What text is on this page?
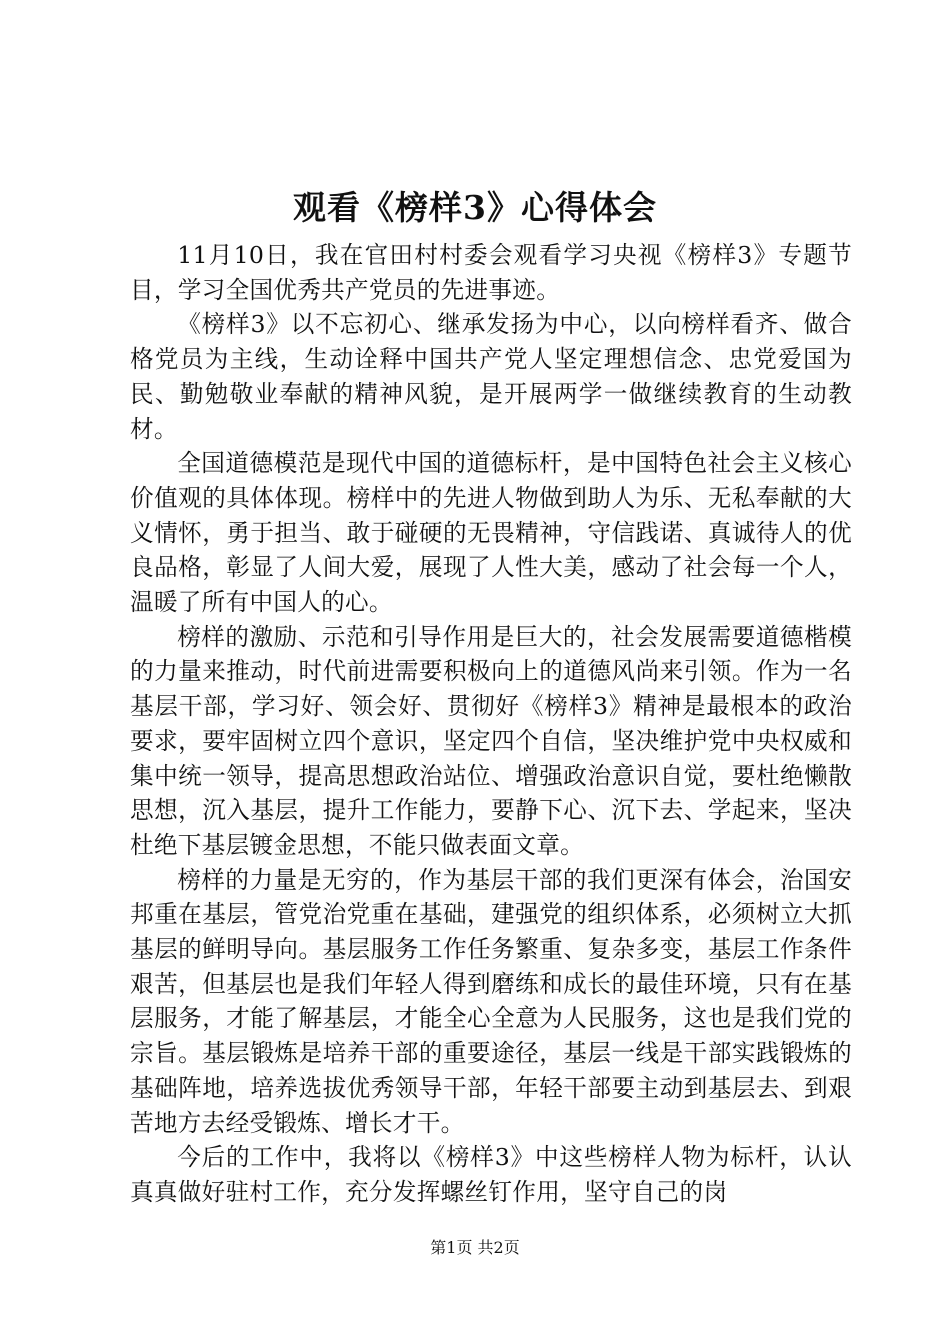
观看《榜样3》心得体会

11月10日，我在官田村村委会观看学习央视《榜样3》专题节目，学习全国优秀共产党员的先进事迹。

《榜样3》以不忘初心、继承发扬为中心，以向榜样看齐、做合格党员为主线，生动诠释中国共产党人坚定理想信念、忠党爱国为民、勤勉敬业奉献的精神风貌，是开展两学一做继续教育的生动教材。

全国道德模范是现代中国的道德标杆，是中国特色社会主义核心价值观的具体体现。榜样中的先进人物做到助人为乐、无私奉献的大义情怀，勇于担当、敢于碰硬的无畏精神，守信践诺、真诚待人的优良品格，彰显了人间大爱，展现了人性大美，感动了社会每一个人，温暖了所有中国人的心。

榜样的激励、示范和引导作用是巨大的，社会发展需要道德楷模的力量来推动，时代前进需要积极向上的道德风尚来引领。作为一名基层干部，学习好、领会好、贯彻好《榜样3》精神是最根本的政治要求，要牢固树立四个意识，坚定四个自信，坚决维护党中央权威和集中统一领导，提高思想政治站位、增强政治意识自觉，要杜绝懒散思想，沉入基层，提升工作能力，要静下心、沉下去、学起来，坚决杜绝下基层镀金思想，不能只做表面文章。

榜样的力量是无穷的，作为基层干部的我们更深有体会，治国安邦重在基层，管党治党重在基础，建强党的组织体系，必须树立大抓基层的鲜明导向。基层服务工作任务繁重、复杂多变，基层工作条件艰苦，但基层也是我们年轻人得到磨练和成长的最佳环境，只有在基层服务，才能了解基层，才能全心全意为人民服务，这也是我们党的宗旨。基层锻炼是培养干部的重要途径，基层一线是干部实践锻炼的基础阵地，培养选拔优秀领导干部，年轻干部要主动到基层去、到艰苦地方去经受锻炼、增长才干。

今后的工作中，我将以《榜样3》中这些榜样人物为标杆，认认真真做好驻村工作，充分发挥螺丝钉作用，坚守自己的岗

第1页 共2页
